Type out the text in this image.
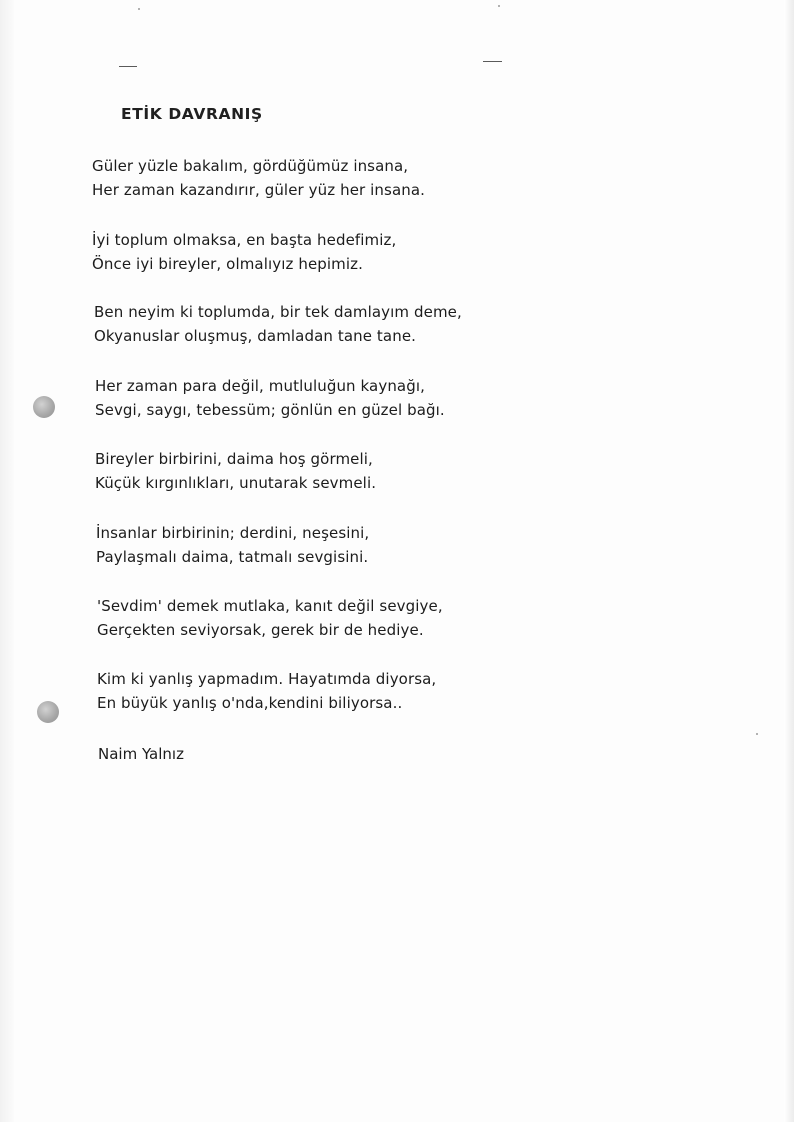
ETİK DAVRANIŞ
Güler yüzle bakalım, gördüğümüz insana,
Her zaman kazandırır, güler yüz her insana.
İyi toplum olmaksa, en başta hedefimiz,
Önce iyi bireyler, olmalıyız hepimiz.
Ben neyim ki toplumda, bir tek damlayım deme,
Okyanuslar oluşmuş, damladan tane tane.
Her zaman para değil, mutluluğun kaynağı,
Sevgi, saygı, tebessüm; gönlün en güzel bağı.
Bireyler birbirini, daima hoş görmeli,
Küçük kırgınlıkları, unutarak sevmeli.
İnsanlar birbirinin; derdini, neşesini,
Paylaşmalı daima, tatmalı sevgisini.
'Sevdim' demek mutlaka, kanıt değil sevgiye,
Gerçekten seviyorsak, gerek bir de hediye.
Kim ki yanlış yapmadım. Hayatımda diyorsa,
En büyük yanlış o'nda,kendini biliyorsa..
Naim Yalnız
